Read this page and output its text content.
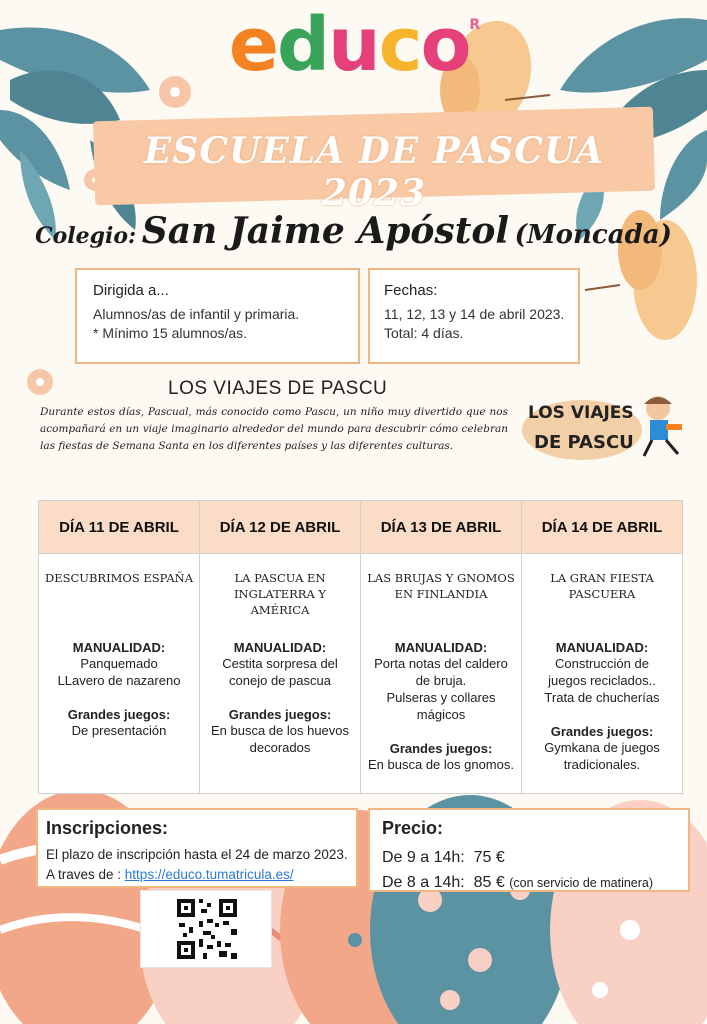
educo$^R$
ESCUELA DE PASCUA 2023
Colegio: San Jaime Apóstol (Moncada)
Dirigida a...
Alumnos/as de infantil y primaria.
* Mínimo 15 alumnos/as.
Fechas:
11, 12, 13 y 14 de abril 2023.
Total: 4 días.
LOS VIAJES DE PASCU
Durante estos días, Pascual, más conocido como Pascu, un niño muy divertido que nos acompañará en un viaje imaginario alrededor del mundo para descubrir cómo celebran las fiestas de Semana Santa en los diferentes países y las diferentes culturas.
LOS VIAJES
DE PASCU
DÍA 11 DE ABRIL
DESCUBRIMOS ESPAÑA
MANUALIDAD:
Panquemado
LLavero de nazareno
Grandes juegos:
De presentación
DÍA 12 DE ABRIL
LA PASCUA EN INGLATERRA Y AMÉRICA
MANUALIDAD:
Cestita sorpresa del
conejo de pascua
Grandes juegos:
En busca de los huevos
decorados
DÍA 13 DE ABRIL
LAS BRUJAS Y GNOMOS EN FINLANDIA
MANUALIDAD:
Porta notas del caldero
de bruja.
Pulseras y collares
mágicos
Grandes juegos:
En busca de los gnomos.
DÍA 14 DE ABRIL
LA GRAN FIESTA PASCUERA
MANUALIDAD:
Construcción de
juegos reciclados..
Trata de chucherías
Grandes juegos:
Gymkana de juegos
tradicionales.
Inscripciones:
El plazo de inscripción hasta el 24 de marzo 2023.
A traves de : https://educo.tumatricula.es/
Precio:
De 9 a 14h: 75 €
De 8 a 14h: 85 € (con servicio de matinera)
